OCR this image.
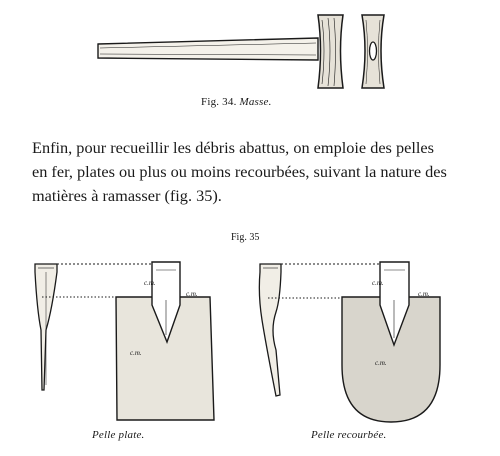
c.m.
c.m.
c.m.
c.m.
c.m.
c.m.
Fig. 34. Masse.
Enfin, pour recueillir les débris abattus, on emploie des pelles
en fer, plates ou plus ou moins recourbées, suivant la nature des
matières à ramasser (fig. 35).
Fig. 35
Pelle plate.	Pelle recourbée.
